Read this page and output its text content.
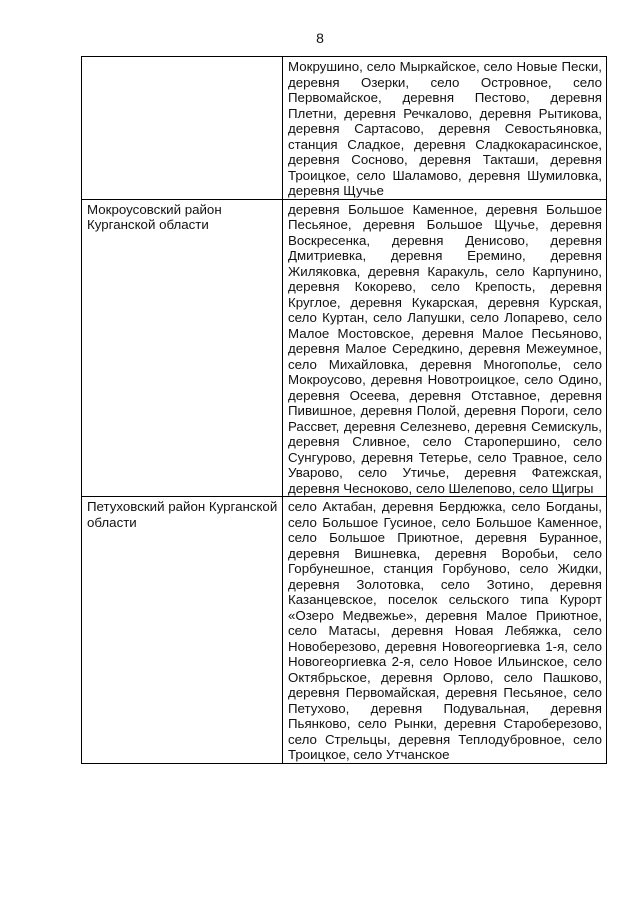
8
	Мокрушино, село Мыркайское, село Новые Пески, деревня Озерки, село Островное, село Первомайское, деревня Пестово, деревня Плетни, деревня Речкалово, деревня Рытикова, деревня Сартасово, деревня Севостьяновка, станция Сладкое, деревня Сладкокарасинское, деревня Сосново, деревня Такташи, деревня Троицкое, село Шаламово, деревня Шумиловка, деревня Щучье
Мокроусовский район Курганской области	деревня Большое Каменное, деревня Большое Песьяное, деревня Большое Щучье, деревня Воскресенка, деревня Денисово, деревня Дмитриевка, деревня Еремино, деревня Жиляковка, деревня Каракуль, село Карпунино, деревня Кокорево, село Крепость, деревня Круглое, деревня Кукарская, деревня Курская, село Куртан, село Лапушки, село Лопарево, село Малое Мостовское, деревня Малое Песьяново, деревня Малое Середкино, деревня Межеумное, село Михайловка, деревня Многополье, село Мокроусово, деревня Новотроицкое, село Одино, деревня Осеева, деревня Отставное, деревня Пивишное, деревня Полой, деревня Пороги, село Рассвет, деревня Селезнево, деревня Семискуль, деревня Сливное, село Старопершино, село Сунгурово, деревня Тетерье, село Травное, село Уварово, село Утичье, деревня Фатежская, деревня Чесноково, село Шелепово, село Щигры
Петуховский район Курганской области	село Актабан, деревня Бердюжка, село Богданы, село Большое Гусиное, село Большое Каменное, село Большое Приютное, деревня Буранное, деревня Вишневка, деревня Воробьи, село Горбунешное, станция Горбуново, село Жидки, деревня Золотовка, село Зотино, деревня Казанцевское, поселок сельского типа Курорт «Озеро Медвежье», деревня Малое Приютное, село Матасы, деревня Новая Лебяжка, село Новоберезово, деревня Новогеоргиевка 1-я, село Новогеоргиевка 2-я, село Новое Ильинское, село Октябрьское, деревня Орлово, село Пашково, деревня Первомайская, деревня Песьяное, село Петухово, деревня Подувальная, деревня Пьянково, село Рынки, деревня Староберезово, село Стрельцы, деревня Теплодубровное, село Троицкое, село Утчанское
